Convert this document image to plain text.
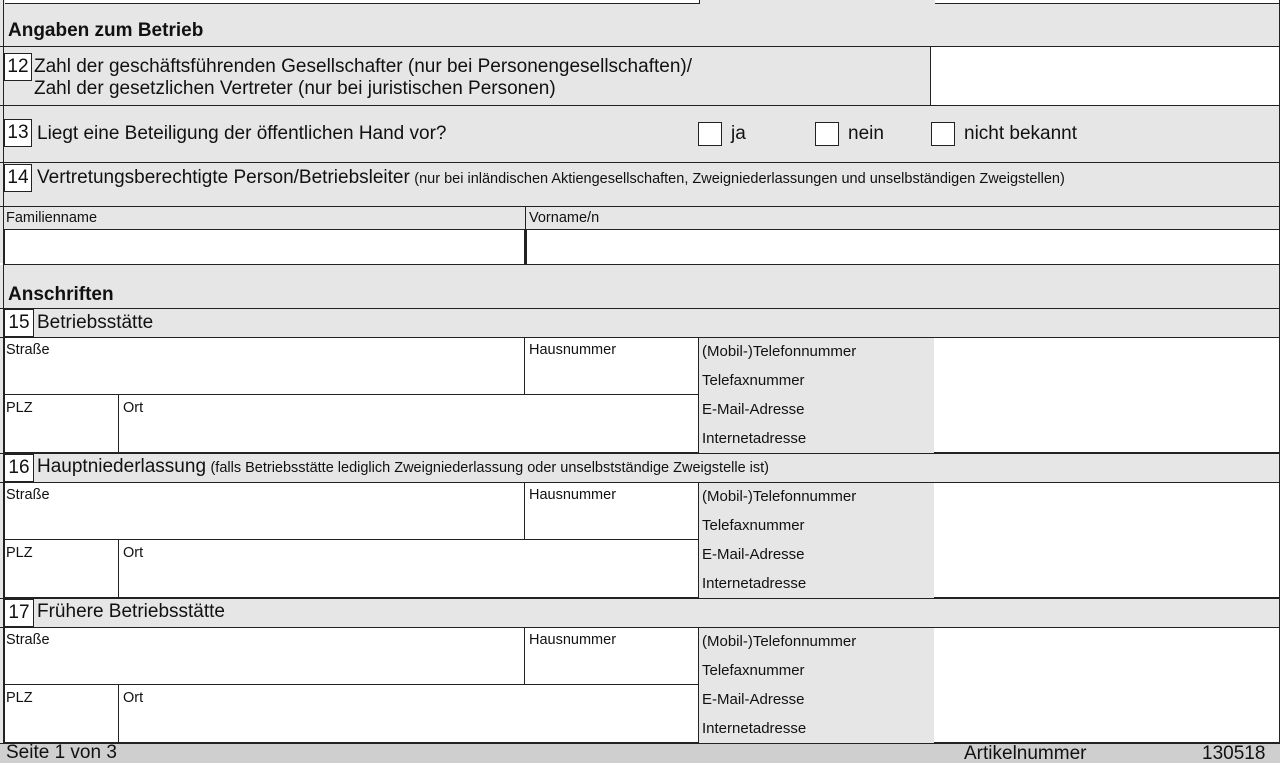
Angaben zum Betrieb
12 Zahl der geschäftsführenden Gesellschafter (nur bei Personengesellschaften)/
Zahl der gesetzlichen Vertreter (nur bei juristischen Personen)
13 Liegt eine Beteiligung der öffentlichen Hand vor?	ja	nein	nicht bekannt
14 Vertretungsberechtigte Person/Betriebsleiter (nur bei inländischen Aktiengesellschaften, Zweigniederlassungen und unselbständigen Zweigstellen)
Familienname	Vorname/n
Anschriften
15 Betriebsstätte
Straße	Hausnummer
PLZ	Ort
(Mobil-)Telefonnummer
Telefaxnummer
E-Mail-Adresse
Internetadresse
16 Hauptniederlassung (falls Betriebsstätte lediglich Zweigniederlassung oder unselbstständige Zweigstelle ist)
Straße	Hausnummer
PLZ	Ort
(Mobil-)Telefonnummer
Telefaxnummer
E-Mail-Adresse
Internetadresse
17 Frühere Betriebsstätte
Straße	Hausnummer
PLZ	Ort
(Mobil-)Telefonnummer
Telefaxnummer
E-Mail-Adresse
Internetadresse
Seite 1 von 3	Artikelnummer	130518
